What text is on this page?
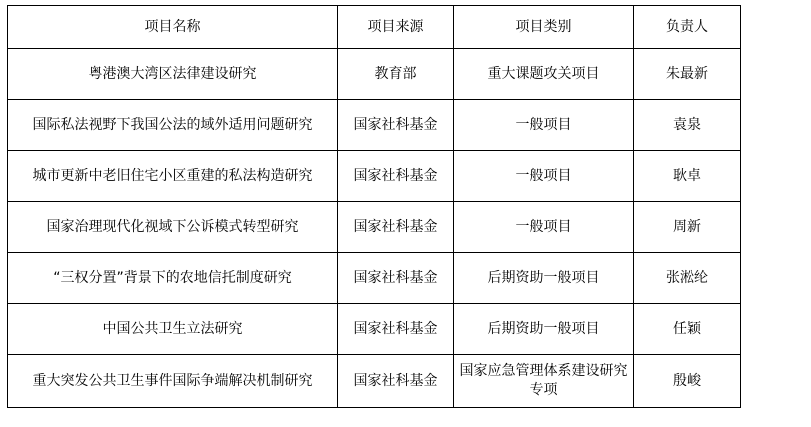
项目名称	项目来源	项目类别	负责人
粤港澳大湾区法律建设研究	教育部	重大课题攻关项目	朱最新
国际私法视野下我国公法的域外适用问题研究	国家社科基金	一般项目	袁泉
城市更新中老旧住宅小区重建的私法构造研究	国家社科基金	一般项目	耿卓
国家治理现代化视域下公诉模式转型研究	国家社科基金	一般项目	周新
“三权分置”背景下的农地信托制度研究	国家社科基金	后期资助一般项目	张淞纶
中国公共卫生立法研究	国家社科基金	后期资助一般项目	任颖
重大突发公共卫生事件国际争端解决机制研究	国家社科基金	国家应急管理体系建设研究专项	殷峻
